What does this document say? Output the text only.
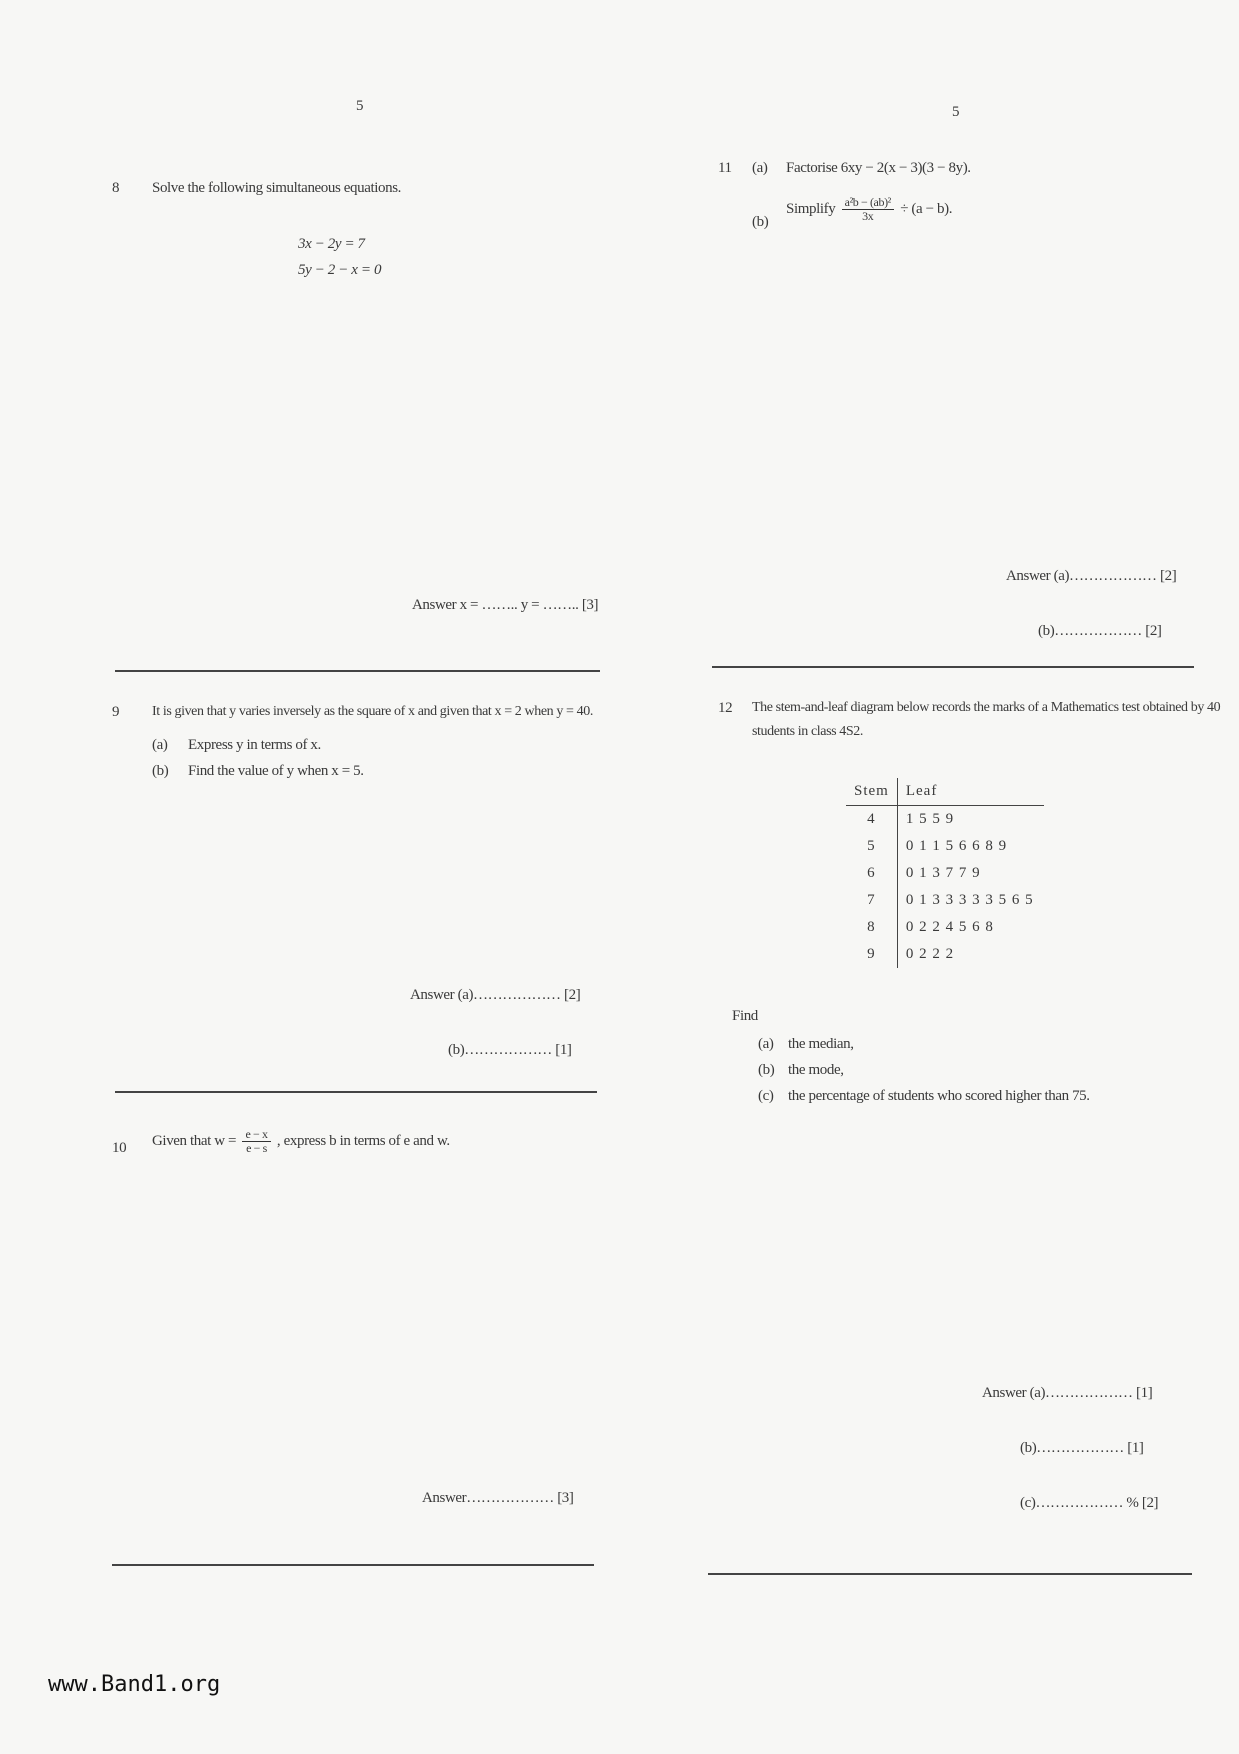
5
8 Solve the following simultaneous equations.
3x − 2y = 7
5y − 2 − x = 0
Answer x = …….. y = …….. [3]
9 It is given that y varies inversely as the square of x and given that x = 2 when y = 40.
(a) Express y in terms of x.
(b) Find the value of y when x = 5.
Answer (a)……………… [2]
(b)……………… [1]
10 Given that $w = \frac{e - x}{e - s}$ , express b in terms of e and w.
Answer……………… [3]
5
11 (a) Factorise 6xy − 2(x − 3)(3 − 8y).
(b)
Simplify $\frac{\text{a²b − (ab)²}}{3x} \div (a - b)$.
Answer (a)……………… [2]
(b)……………… [2]
12 The stem-and-leaf diagram below records the marks of a Mathematics test obtained by 40
students in class 4S2.
Stem	Leaf
4	1 5 5 9
5	0 1 1 5 6 6 8 9
6	0 1 3 7 7 9
7	0 1 3 3 3 3 3 5 6 5
8	0 2 2 4 5 6 8
9	0 2 2 2
Find
(a) the median,
(b) the mode,
(c) the percentage of students who scored higher than 75.
Answer (a)……………… [1]
(b)……………… [1]
(c)……………… % [2]
www.Band1.org
